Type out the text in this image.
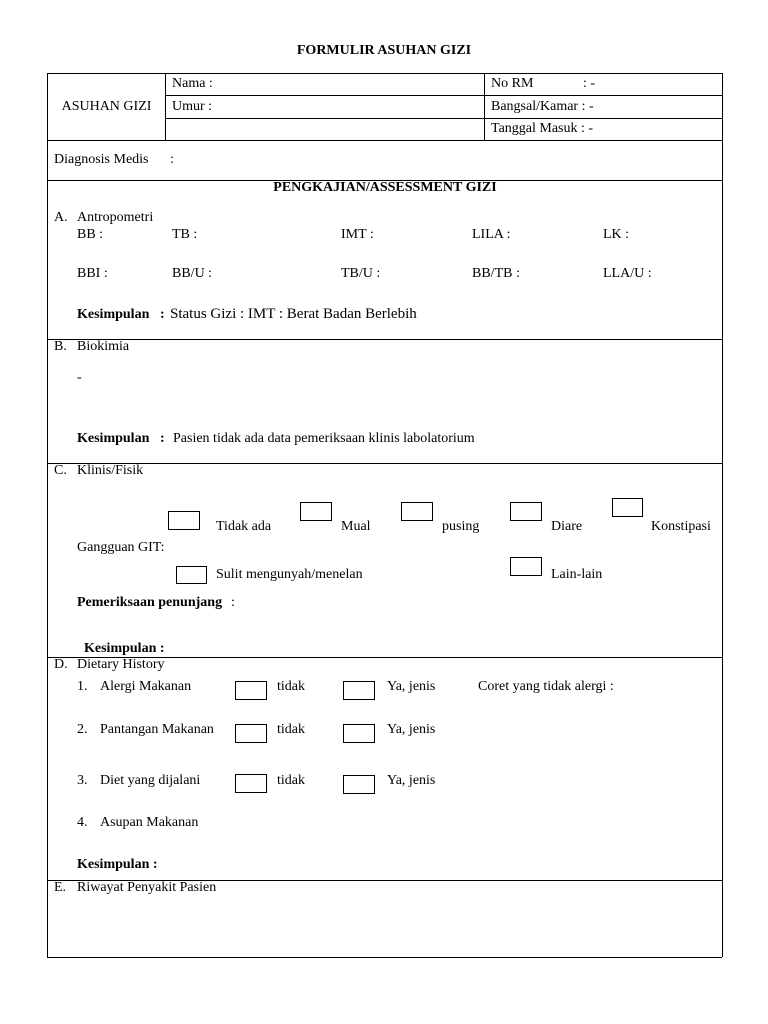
FORMULIR ASUHAN GIZI
ASUHAN GIZI
Nama :
Umur :
No RM	: -
Bangsal/Kamar : -
Tanggal Masuk : -
Diagnosis Medis :
PENGKAJIAN/ASSESSMENT GIZI
A. Antropometri
BB :	TB :	IMT :	LILA :	LK :
BBI :	BB/U :	TB/U :	BB/TB :	LLA/U :
Kesimpulan : Status Gizi : IMT : Berat Badan Berlebih
B. Biokimia
-
Kesimpulan : Pasien tidak ada data pemeriksaan klinis labolatorium
C. Klinis/Fisik
Tidak ada	Mual	pusing	Diare	Konstipasi
Gangguan GIT:
Sulit mengunyah/menelan	Lain-lain
Pemeriksaan penunjang :
Kesimpulan :
D. Dietary History
1. Alergi Makanan	tidak	Ya, jenis	Coret yang tidak alergi :
2. Pantangan Makanan	tidak	Ya, jenis
3. Diet yang dijalani	tidak	Ya, jenis
4. Asupan Makanan
Kesimpulan :
E. Riwayat Penyakit Pasien
